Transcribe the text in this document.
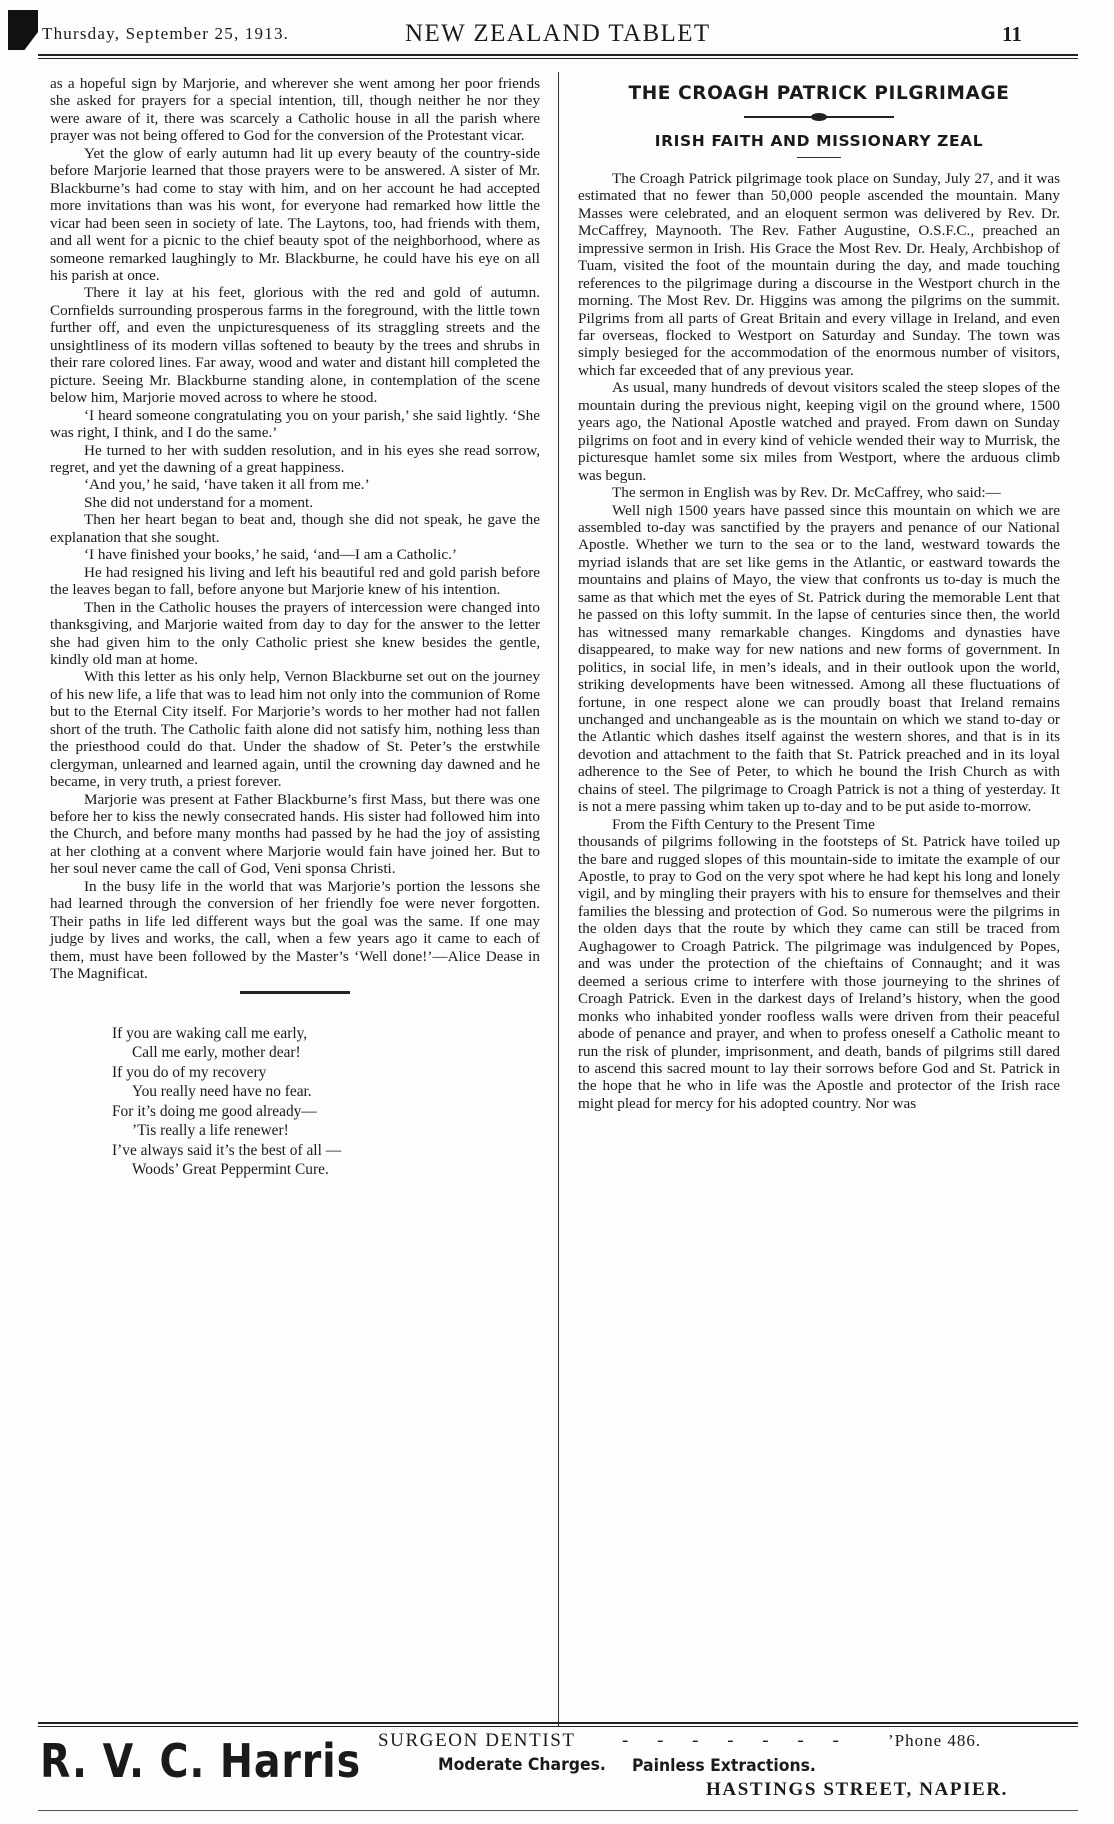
Thursday, September 25, 1913.	NEW ZEALAND TABLET	11

as a hopeful sign by Marjorie, and wherever she went among her poor friends she asked for prayers for a special intention, till, though neither he nor they were aware of it, there was scarcely a Catholic house in all the parish where prayer was not being offered to God for the conversion of the Protestant vicar.

Yet the glow of early autumn had lit up every beauty of the country-side before Marjorie learned that those prayers were to be answered. A sister of Mr. Blackburne’s had come to stay with him, and on her account he had accepted more invitations than was his wont, for everyone had remarked how little the vicar had been seen in society of late. The Laytons, too, had friends with them, and all went for a picnic to the chief beauty spot of the neighborhood, where as someone remarked laughingly to Mr. Blackburne, he could have his eye on all his parish at once.

There it lay at his feet, glorious with the red and gold of autumn. Cornfields surrounding prosperous farms in the foreground, with the little town further off, and even the unpicturesqueness of its straggling streets and the unsightliness of its modern villas softened to beauty by the trees and shrubs in their rare colored lines. Far away, wood and water and distant hill completed the picture. Seeing Mr. Blackburne standing alone, in contemplation of the scene below him, Marjorie moved across to where he stood.

‘I heard someone congratulating you on your parish,’ she said lightly. ‘She was right, I think, and I do the same.’

He turned to her with sudden resolution, and in his eyes she read sorrow, regret, and yet the dawning of a great happiness.

‘And you,’ he said, ‘have taken it all from me.’

She did not understand for a moment.

Then her heart began to beat and, though she did not speak, he gave the explanation that she sought.

‘I have finished your books,’ he said, ‘and—I am a Catholic.’

He had resigned his living and left his beautiful red and gold parish before the leaves began to fall, before anyone but Marjorie knew of his intention.

Then in the Catholic houses the prayers of intercession were changed into thanksgiving, and Marjorie waited from day to day for the answer to the letter she had given him to the only Catholic priest she knew besides the gentle, kindly old man at home.

With this letter as his only help, Vernon Blackburne set out on the journey of his new life, a life that was to lead him not only into the communion of Rome but to the Eternal City itself. For Marjorie’s words to her mother had not fallen short of the truth. The Catholic faith alone did not satisfy him, nothing less than the priesthood could do that. Under the shadow of St. Peter’s the erstwhile clergyman, unlearned and learned again, until the crowning day dawned and he became, in very truth, a priest forever.

Marjorie was present at Father Blackburne’s first Mass, but there was one before her to kiss the newly consecrated hands. His sister had followed him into the Church, and before many months had passed by he had the joy of assisting at her clothing at a convent where Marjorie would fain have joined her. But to her soul never came the call of God, Veni sponsa Christi.

In the busy life in the world that was Marjorie’s portion the lessons she had learned through the conversion of her friendly foe were never forgotten. Their paths in life led different ways but the goal was the same. If one may judge by lives and works, the call, when a few years ago it came to each of them, must have been followed by the Master’s ‘Well done!’—Alice Dease in The Magnificat.

If you are waking call me early,
Call me early, mother dear!
If you do of my recovery
You really need have no fear.
For it’s doing me good already—
’Tis really a life renewer!
I’ve always said it’s the best of all —
Woods’ Great Peppermint Cure.
THE CROAGH PATRICK PILGRIMAGE
IRISH FAITH AND MISSIONARY ZEAL

The Croagh Patrick pilgrimage took place on Sunday, July 27, and it was estimated that no fewer than 50,000 people ascended the mountain. Many Masses were celebrated, and an eloquent sermon was delivered by Rev. Dr. McCaffrey, Maynooth. The Rev. Father Augustine, O.S.F.C., preached an impressive sermon in Irish. His Grace the Most Rev. Dr. Healy, Archbishop of Tuam, visited the foot of the mountain during the day, and made touching references to the pilgrimage during a discourse in the Westport church in the morning. The Most Rev. Dr. Higgins was among the pilgrims on the summit. Pilgrims from all parts of Great Britain and every village in Ireland, and even far overseas, flocked to Westport on Saturday and Sunday. The town was simply besieged for the accommodation of the enormous number of visitors, which far exceeded that of any previous year.

As usual, many hundreds of devout visitors scaled the steep slopes of the mountain during the previous night, keeping vigil on the ground where, 1500 years ago, the National Apostle watched and prayed. From dawn on Sunday pilgrims on foot and in every kind of vehicle wended their way to Murrisk, the picturesque hamlet some six miles from Westport, where the arduous climb was begun.

The sermon in English was by Rev. Dr. McCaffrey, who said:—

Well nigh 1500 years have passed since this mountain on which we are assembled to-day was sanctified by the prayers and penance of our National Apostle. Whether we turn to the sea or to the land, westward towards the myriad islands that are set like gems in the Atlantic, or eastward towards the mountains and plains of Mayo, the view that confronts us to-day is much the same as that which met the eyes of St. Patrick during the memorable Lent that he passed on this lofty summit. In the lapse of centuries since then, the world has witnessed many remarkable changes. Kingdoms and dynasties have disappeared, to make way for new nations and new forms of government. In politics, in social life, in men’s ideals, and in their outlook upon the world, striking developments have been witnessed. Among all these fluctuations of fortune, in one respect alone we can proudly boast that Ireland remains unchanged and unchangeable as is the mountain on which we stand to-day or the Atlantic which dashes itself against the western shores, and that is in its devotion and attachment to the faith that St. Patrick preached and in its loyal adherence to the See of Peter, to which he bound the Irish Church as with chains of steel. The pilgrimage to Croagh Patrick is not a thing of yesterday. It is not a mere passing whim taken up to-day and to be put aside to-morrow.

From the Fifth Century to the Present Time

thousands of pilgrims following in the footsteps of St. Patrick have toiled up the bare and rugged slopes of this mountain-side to imitate the example of our Apostle, to pray to God on the very spot where he had kept his long and lonely vigil, and by mingling their prayers with his to ensure for themselves and their families the blessing and protection of God. So numerous were the pilgrims in the olden days that the route by which they came can still be traced from Aughagower to Croagh Patrick. The pilgrimage was indulgenced by Popes, and was under the protection of the chieftains of Connaught; and it was deemed a serious crime to interfere with those journeying to the shrines of Croagh Patrick. Even in the darkest days of Ireland’s history, when the good monks who inhabited yonder roofless walls were driven from their peaceful abode of penance and prayer, and when to profess oneself a Catholic meant to run the risk of plunder, imprisonment, and death, bands of pilgrims still dared to ascend this sacred mount to lay their sorrows before God and St. Patrick in the hope that he who in life was the Apostle and protector of the Irish race might plead for mercy for his adopted country. Nor was

R. V. C. Harris SURGEON DENTIST - - - - - - - ’Phone 486.
Moderate Charges. Painless Extractions.
HASTINGS STREET, NAPIER.
